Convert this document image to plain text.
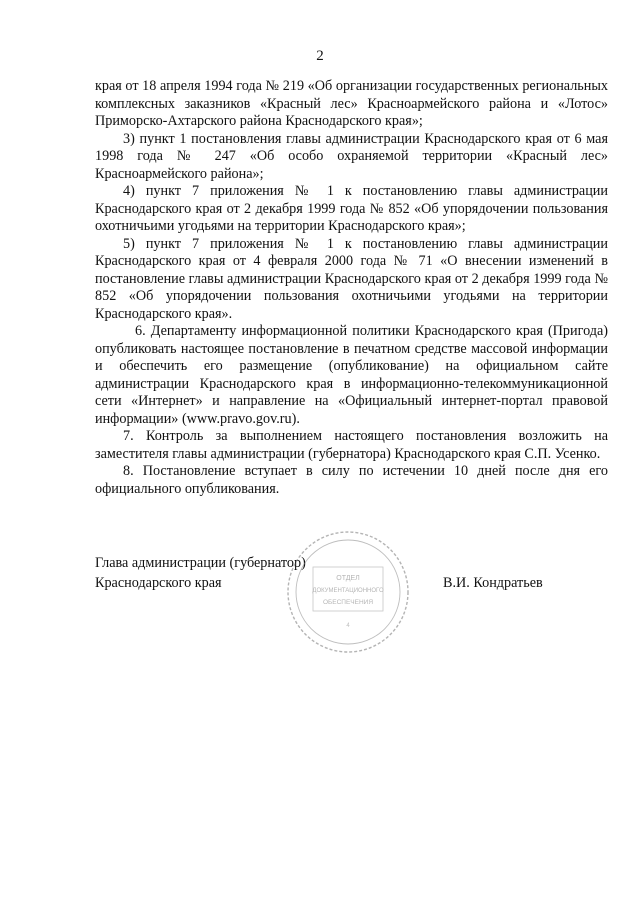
2

края от 18 апреля 1994 года № 219 «Об организации государственных региональных комплексных заказников «Красный лес» Красноармейского района и «Лотос» Приморско-Ахтарского района Краснодарского края»;

3) пункт 1 постановления главы администрации Краснодарского края от 6 мая 1998 года № 247 «Об особо охраняемой территории «Красный лес» Красноармейского района»;

4) пункт 7 приложения № 1 к постановлению главы администрации Краснодарского края от 2 декабря 1999 года № 852 «Об упорядочении пользования охотничьими угодьями на территории Краснодарского края»;

5) пункт 7 приложения № 1 к постановлению главы администрации Краснодарского края от 4 февраля 2000 года № 71 «О внесении изменений в постановление главы администрации Краснодарского края от 2 декабря 1999 года № 852 «Об упорядочении пользования охотничьими угодьями на территории Краснодарского края».

6. Департаменту информационной политики Краснодарского края (Пригода) опубликовать настоящее постановление в печатном средстве массовой информации и обеспечить его размещение (опубликование) на официальном сайте администрации Краснодарского края в информационно-телекоммуникационной сети «Интернет» и направление на «Официальный интернет-портал правовой информации» (www.pravo.gov.ru).

7. Контроль за выполнением настоящего постановления возложить на заместителя главы администрации (губернатора) Краснодарского края С.П. Усенко.

8. Постановление вступает в силу по истечении 10 дней после дня его официального опубликования.

Глава администрации (губернатор)
Краснодарского края	В.И. Кондратьев
ОТДЕЛ
ДОКУМЕНТАЦИОННОГО
ОБЕСПЕЧЕНИЯ
4
